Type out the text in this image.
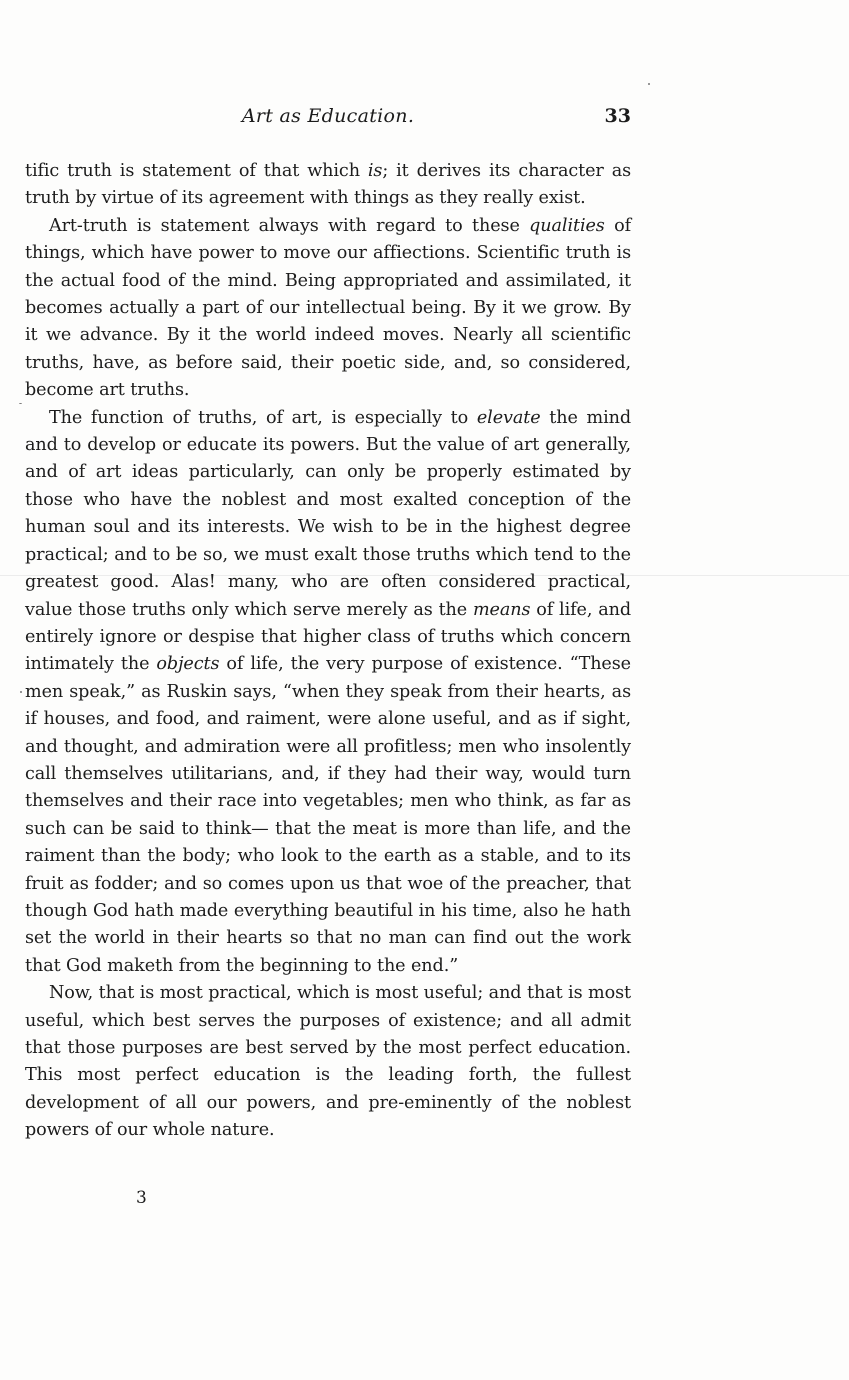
Art as Education.	33

tific truth is statement of that which is; it derives its character as truth by virtue of its agreement with things as they really exist.

Art-truth is statement always with regard to these qualities of things, which have power to move our affiections. Scientific truth is the actual food of the mind. Being appropriated and assimilated, it becomes actually a part of our intellectual being. By it we grow. By it we advance. By it the world indeed moves. Nearly all scientific truths, have, as before said, their poetic side, and, so considered, become art truths.

The function of truths, of art, is especially to elevate the mind and to develop or educate its powers. But the value of art generally, and of art ideas particularly, can only be properly estimated by those who have the noblest and most exalted conception of the human soul and its interests. We wish to be in the highest degree practical; and to be so, we must exalt those truths which tend to the greatest good. Alas! many, who are often considered practical, value those truths only which serve merely as the means of life, and entirely ignore or despise that higher class of truths which concern intimately the objects of life, the very purpose of existence. “These men speak,” as Ruskin says, “when they speak from their hearts, as if houses, and food, and raiment, were alone useful, and as if sight, and thought, and admiration were all profitless; men who insolently call themselves utilitarians, and, if they had their way, would turn themselves and their race into vegetables; men who think, as far as such can be said to think— that the meat is more than life, and the raiment than the body; who look to the earth as a stable, and to its fruit as fodder; and so comes upon us that woe of the preacher, that though God hath made everything beautiful in his time, also he hath set the world in their hearts so that no man can find out the work that God maketh from the beginning to the end.”

Now, that is most practical, which is most useful; and that is most useful, which best serves the purposes of existence; and all admit that those purposes are best served by the most perfect education. This most perfect education is the leading forth, the fullest development of all our powers, and pre-eminently of the noblest powers of our whole nature.

3
